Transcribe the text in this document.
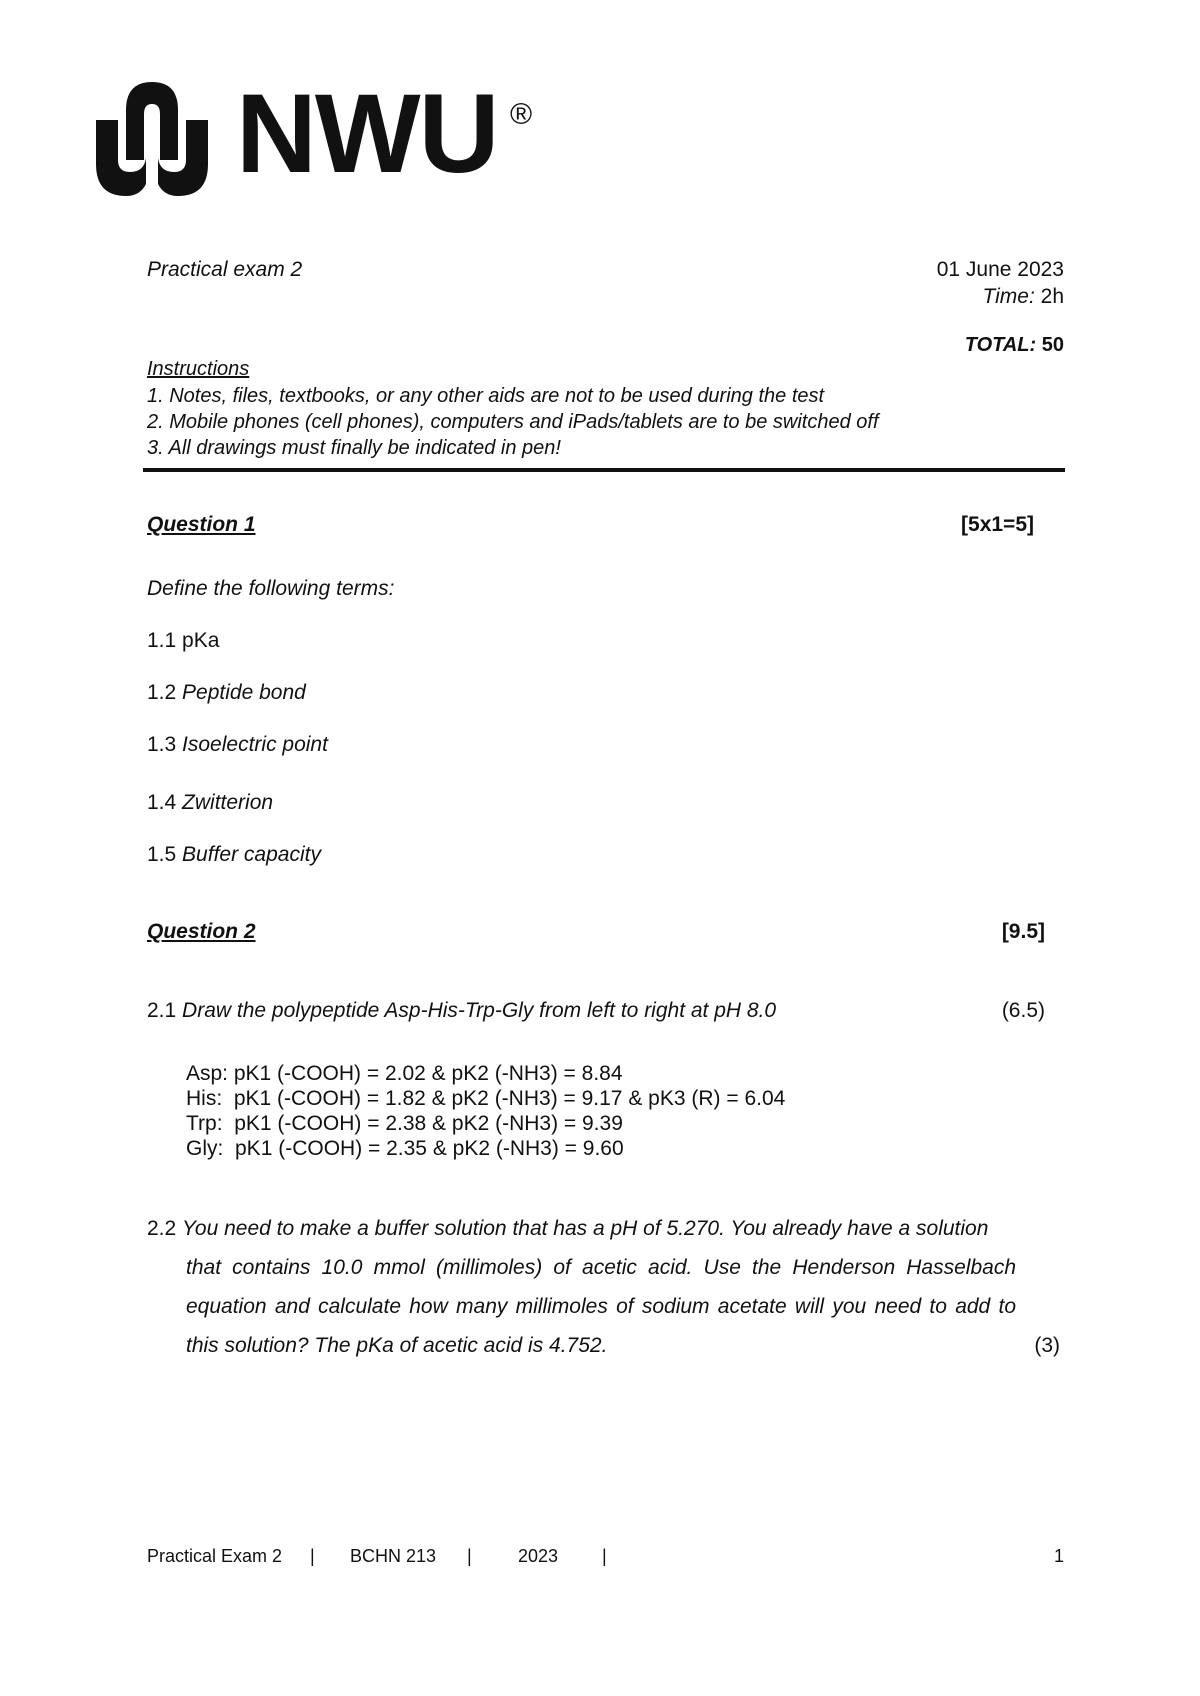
NWU ®
Practical exam 2	01 June 2023
Time: 2h
TOTAL: 50
Instructions
1. Notes, files, textbooks, or any other aids are not to be used during the test
2. Mobile phones (cell phones), computers and iPads/tablets are to be switched off
3. All drawings must finally be indicated in pen!
Question 1	[5x1=5]
Define the following terms:
1.1 pKa
1.2 Peptide bond
1.3 Isoelectric point
1.4 Zwitterion
1.5 Buffer capacity
Question 2	[9.5]
2.1 Draw the polypeptide Asp-His-Trp-Gly from left to right at pH 8.0	(6.5)
Asp: pK1 (-COOH) = 2.02 & pK2 (-NH3) = 8.84
His:  pK1 (-COOH) = 1.82 & pK2 (-NH3) = 9.17 & pK3 (R) = 6.04
Trp:  pK1 (-COOH) = 2.38 & pK2 (-NH3) = 9.39
Gly:  pK1 (-COOH) = 2.35 & pK2 (-NH3) = 9.60
2.2 You need to make a buffer solution that has a pH of 5.270. You already have a solution
that contains 10.0 mmol (millimoles) of acetic acid. Use the Henderson Hasselbach equation and calculate how many millimoles of sodium acetate will you need to add to this solution? The pKa of acetic acid is 4.752.	(3)
Practical Exam 2 | BCHN 213 |	2023 |	1
